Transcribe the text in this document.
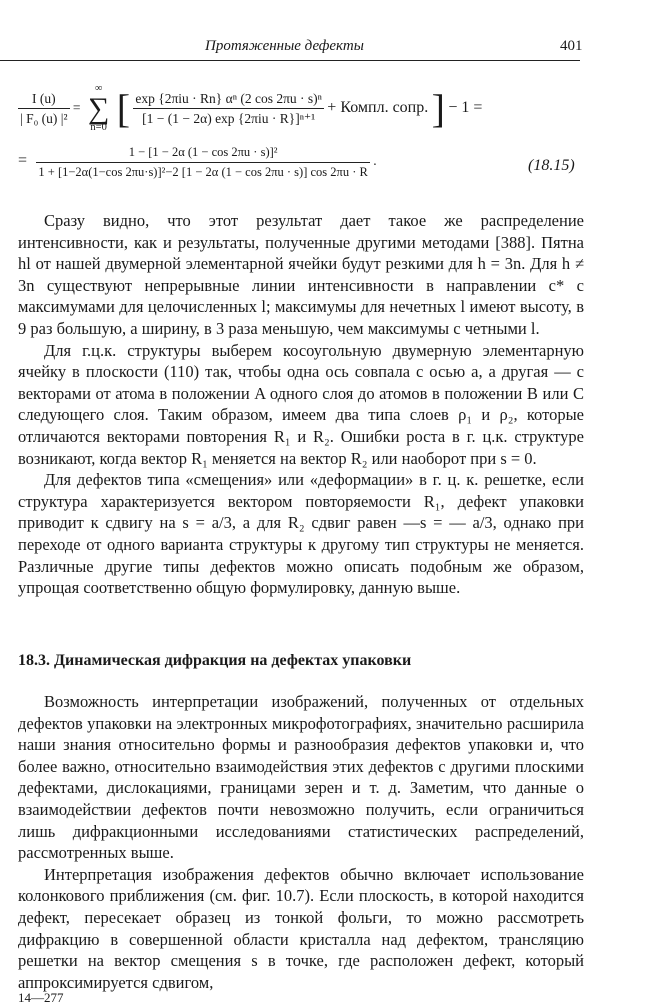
Протяженные дефекты	401
$\frac{I (u)}{\text{| F₀ (u) |²}}$ =
∞
∑
n=0 [ $\frac{\text{exp \{2πiu · Rn\} αⁿ (2 cos 2πu · s)ⁿ}}{\text{[1 − (1 − 2α) exp \{2πiu · R\}]ⁿ⁺¹}}$ + Компл. сопр. ] − 1 =
=
1 − [1 − 2α (1 − cos 2πu · s)]²
1 + [1−2α(1−cos 2πu·s)]²−2 [1 − 2α (1 − cos 2πu · s)] cos 2πu · R
.	(18.15)

Сразу видно, что этот результат дает такое же распределение интенсивности, как и результаты, полученные другими методами [388]. Пятна hl от нашей двумерной элементарной ячейки будут резкими для h = 3n. Для h ≠ 3n существуют непрерывные линии интенсивности в направлении c* с максимумами для целочисленных l; максимумы для нечетных l имеют высоту, в 9 раз большую, а ширину, в 3 раза меньшую, чем максимумы с четными l.

Для г.ц.к. структуры выберем косоугольную двумерную элементарную ячейку в плоскости (110) так, чтобы одна ось совпала с осью a, а другая — с векторами от атома в положении A одного слоя до атомов в положении B или C следующего слоя. Таким образом, имеем два типа слоев ρ₁ и ρ₂, которые отличаются векторами повторения R₁ и R₂. Ошибки роста в г. ц.к. структуре возникают, когда вектор R₁ меняется на вектор R₂ или наоборот при s = 0.

Для дефектов типа «смещения» или «деформации» в г. ц. к. решетке, если структура характеризуется вектором повторяемости R₁, дефект упаковки приводит к сдвигу на s = a/3, а для R₂ сдвиг равен —s = — a/3, однако при переходе от одного варианта структуры к другому тип структуры не меняется. Различные другие типы дефектов можно описать подобным же образом, упрощая соответственно общую формулировку, данную выше.

18.3. Динамическая дифракция на дефектах упаковки

Возможность интерпретации изображений, полученных от отдельных дефектов упаковки на электронных микрофотографиях, значительно расширила наши знания относительно формы и разнообразия дефектов упаковки и, что более важно, относительно взаимодействия этих дефектов с другими плоскими дефектами, дислокациями, границами зерен и т. д. Заметим, что данные о взаимодействии дефектов почти невозможно получить, если ограничиться лишь дифракционными исследованиями статистических распределений, рассмотренных выше.

Интерпретация изображения дефектов обычно включает использование колонкового приближения (см. фиг. 10.7). Если плоскость, в которой находится дефект, пересекает образец из тонкой фольги, то можно рассмотреть дифракцию в совершенной области кристалла над дефектом, трансляцию решетки на вектор смещения s в точке, где расположен дефект, который аппроксимируется сдвигом,

14—277
